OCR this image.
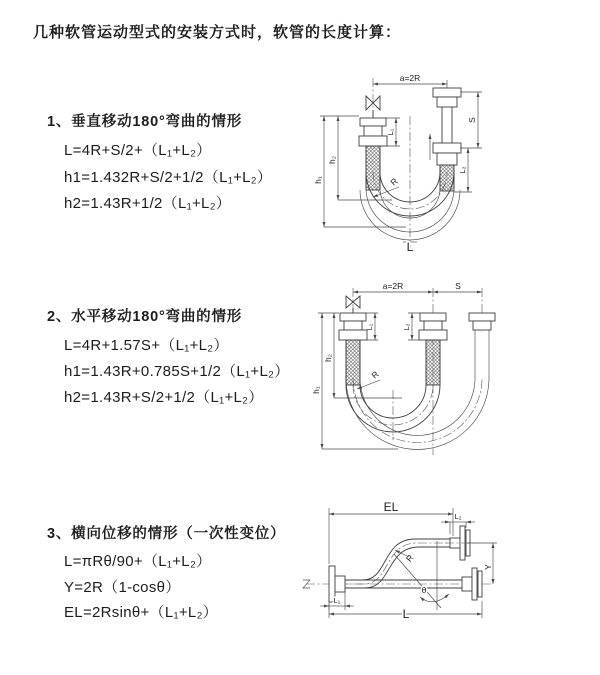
几种软管运动型式的安装方式时，软管的长度计算：
1、垂直移动180°弯曲的情形
L=4R+S/2+（L₁+L₂）
h1=1.432R+S/2+1/2（L₁+L₂）
h2=1.43R+1/2（L₁+L₂）
2、水平移动180°弯曲的情形
L=4R+1.57S+（L₁+L₂）
h1=1.43R+0.785S+1/2（L₁+L₂）
h2=1.43R+S/2+1/2（L₁+L₂）
3、横向位移的情形（一次性变位）
L=πRθ/90+（L₁+L₂）
Y=2R（1-cosθ）
EL=2Rsinθ+（L₁+L₂）
a=2R
L₁
S
L₂
h₁
h₂
R
L
a=2R	S
L₁	L₂
h₁
h₂
R
EL
L₂
Y
R
θ
L₁
L
